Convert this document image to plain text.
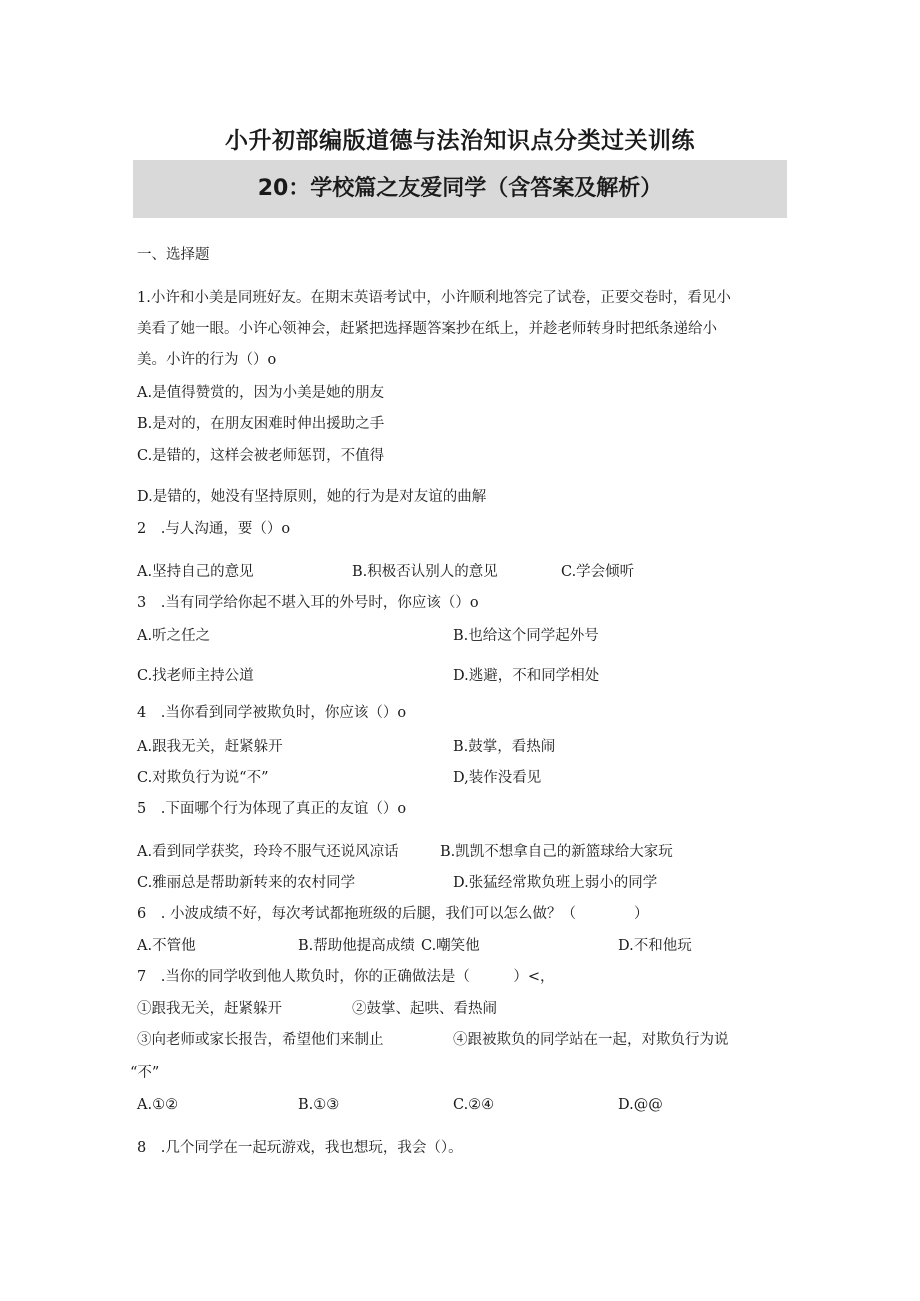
小升初部编版道德与法治知识点分类过关训练
20：学校篇之友爱同学（含答案及解析）
一、选择题
1.小许和小美是同班好友。在期末英语考试中，小许顺利地答完了试卷，正要交卷时，看见小
美看了她一眼。小许心领神会，赶紧把选择题答案抄在纸上，并趁老师转身时把纸条递给小
美。小许的行为（）o
A.是值得赞赏的，因为小美是她的朋友
B.是对的，在朋友困难时伸出援助之手
C.是错的，这样会被老师惩罚，不值得
D.是错的，她没有坚持原则，她的行为是对友谊的曲解
2　.与人沟通，要（）o
A.坚持自己的意见	B.积极否认别人的意见	C.学会倾听
3　.当有同学给你起不堪入耳的外号时，你应该（）o
A.听之任之	B.也给这个同学起外号
C.找老师主持公道	D.逃避，不和同学相处
4　.当你看到同学被欺负时，你应该（）o
A.跟我无关，赶紧躲开	B.鼓掌，看热闹
C.对欺负行为说“不”	D,装作没看见
5　.下面哪个行为体现了真正的友谊（）o
A.看到同学获奖，玲玲不服气还说风凉话	B.凯凯不想拿自己的新篮球给大家玩
C.雅丽总是帮助新转来的农村同学	D.张猛经常欺负班上弱小的同学
6　. 小波成绩不好，每次考试都拖班级的后腿，我们可以怎么做？（　　　　）
A.不管他	B.帮助他提高成绩 C.嘲笑他	D.不和他玩
7　.当你的同学收到他人欺负时，你的正确做法是（　　　）<，
①跟我无关，赶紧躲开	②鼓掌、起哄、看热闹
③向老师或家长报告，希望他们来制止	④跟被欺负的同学站在一起，对欺负行为说
“不”
A.①②	B.①③	C.②④	D.@@
8　.几个同学在一起玩游戏，我也想玩，我会（）。
